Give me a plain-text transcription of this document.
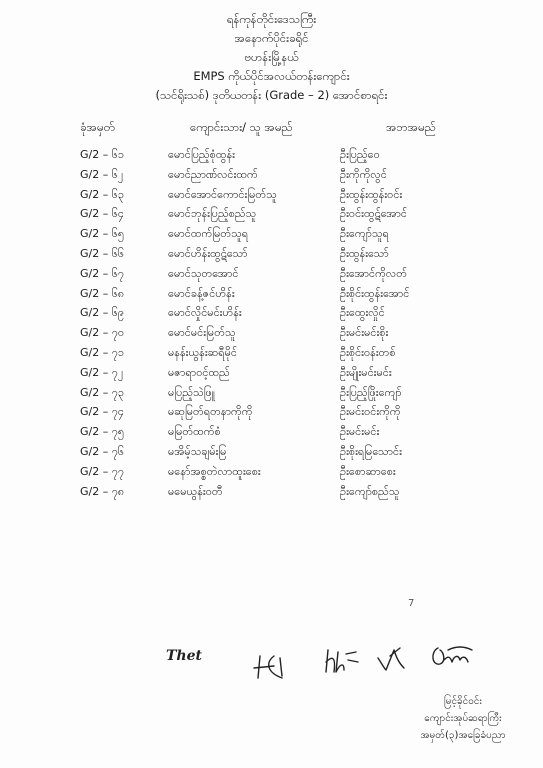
ရန်ကုန်တိုင်းဒေသကြီး
အနောက်ပိုင်းခရိုင်
ဗဟန်းမြို့နယ်
EMPS ကိုယ်ပိုင်အလယ်တန်းကျောင်း
(သင်ရိုးသစ်) ဒုတိယတန်း (Grade – 2) အောင်စာရင်း
ခုံအမှတ်	ကျောင်းသား/ သူ အမည်	အဘအမည်
G/2 – ၆၁	မောင်ပြည့်စုံထွန်း	ဦးပြည့်ဝေ
G/2 – ၆၂	မောင်ညာဏ်လင်းထက်	ဦးကိုကိုလွင်
G/2 – ၆၃	မောင်အောင်ကောင်းမြတ်သူ	ဦးထွန်းထွန်းဝင်း
G/2 – ၆၄	မောင်ဘုန်းပြည့်စည်သူ	ဦးဝင်းထွဋ်အောင်
G/2 – ၆၅	မောင်ထက်မြတ်သူရ	ဦးကျော်သူရ
G/2 – ၆၆	မောင်ဟိန်းထွဋ်သော်	ဦးထွန်းသော်
G/2 – ၆၇	မောင်သုတအောင်	ဦးအောင်ကိုလတ်
G/2 – ၆၈	မောင်ခန့်ဇင်ဟိန်း	ဦးစိုင်းထွန်းအောင်
G/2 – ၆၉	မောင်လှိုင်မင်းဟိန်း	ဦးထွေးလှိုင်
G/2 – ၇၀	မောင်မင်းမြတ်သူ	ဦးမင်းမင်းစိုး
G/2 – ၇၁	မနန်းယွန်းဆရီမိုင်	ဦးစိုင်းဝန်းတစ်
G/2 – ၇၂	မဇာရာဝင့်ထည်	ဦးမျိုးမင်းမင်း
G/2 – ၇၃	မပြည့်သဲဖြူ	ဦးပြည့်ဖြိုးကျော်
G/2 – ၇၄	မဆုမြတ်ရတနာကိုကို	ဦးမင်းဝင်းကိုကို
G/2 – ၇၅	မမြတ်ထက်စံ	ဦးမင်းမင်း
G/2 – ၇၆	မအိမ့်သချမ်းမြ	ဦးစိုးရမြသောင်း
G/2 – ၇၇	မနော်အစ္စတဲလာထူးစေး	ဦးစောဆာစေး
G/2 – ၇၈	မမေယွန်းဝတီ	ဦးကျော်စည်သူ
7
Thet
မြင့်ခိုင်ဝင်း
ကျောင်းအုပ်ဆရာကြီး
အမှတ်(၃)အခြေခံပညာ
